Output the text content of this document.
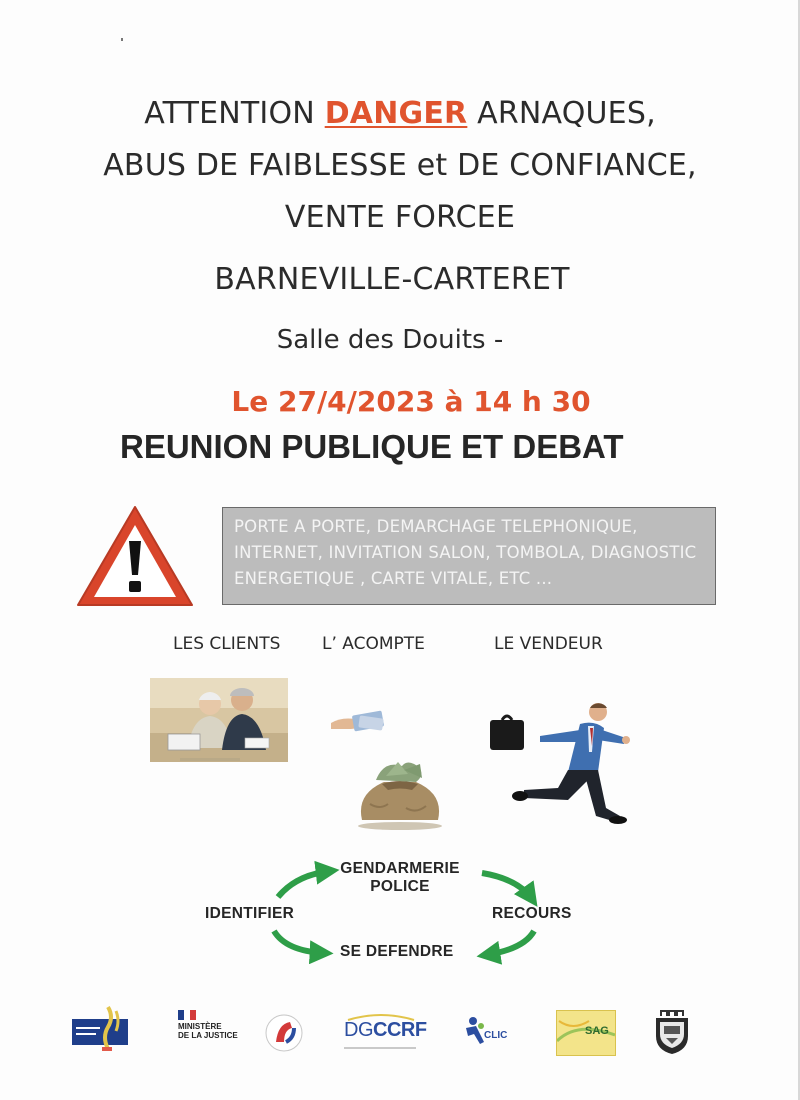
ATTENTION DANGER ARNAQUES,
ABUS DE FAIBLESSE et DE CONFIANCE,
VENTE FORCEE
BARNEVILLE-CARTERET
Salle des Douits -
Le 27/4/2023 à 14 h 30
REUNION PUBLIQUE ET DEBAT
PORTE A PORTE, DEMARCHAGE TELEPHONIQUE,
INTERNET, INVITATION SALON, TOMBOLA, DIAGNOSTIC
ENERGETIQUE , CARTE VITALE, ETC ...
LES CLIENTS L’ ACOMPTE	LE VENDEUR
GENDARMERIE
POLICE
IDENTIFIER	RECOURS
SE DEFENDRE
MINISTÈRE
DE LA JUSTICE	DGCCRF	CLIC	SAG
